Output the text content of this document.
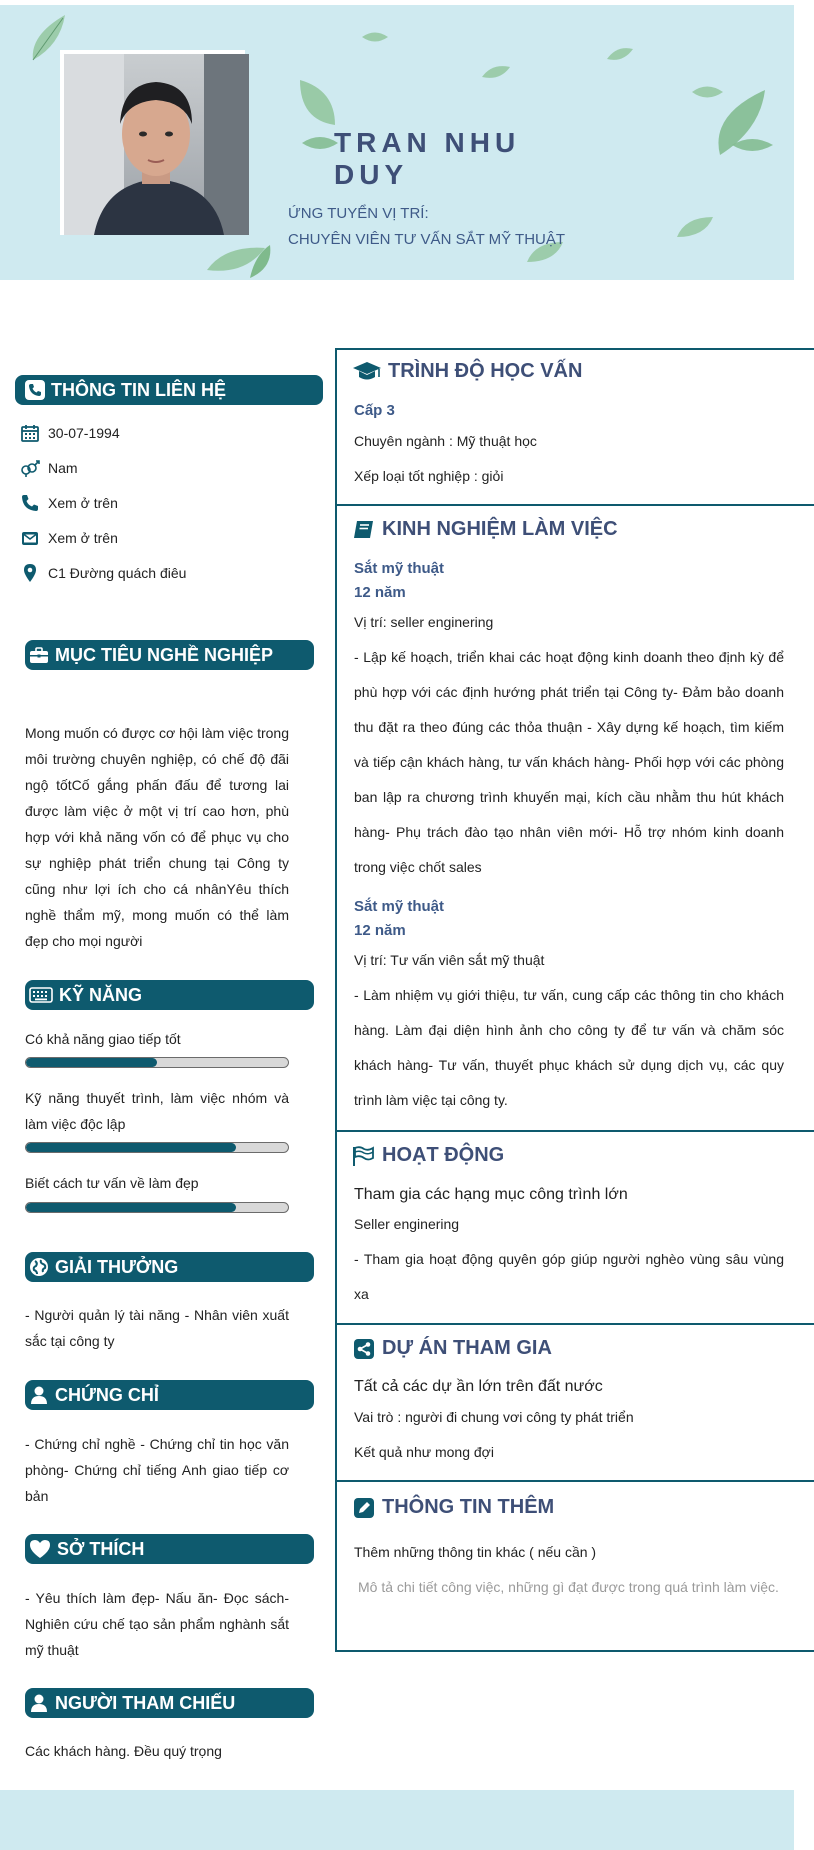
TRAN NHU DUY
ỨNG TUYỂN VỊ TRÍ:
CHUYÊN VIÊN TƯ VẤN SẮT MỸ THUẬT
THÔNG TIN LIÊN HỆ
30-07-1994
Nam
Xem ở trên
Xem ở trên
C1 Đường quách điêu
MỤC TIÊU NGHỀ NGHIỆP
Mong muốn có được cơ hội làm việc trong môi trường chuyên nghiệp, có chế độ đãi ngộ tốtCố gắng phấn đấu để tương lai được làm việc ở một vị trí cao hơn, phù hợp với khả năng vốn có để phục vụ cho sự nghiệp phát triển chung tại Công ty cũng như lợi ích cho cá nhânYêu thích nghề thẩm mỹ, mong muốn có thể làm đẹp cho mọi người
KỸ NĂNG
Có khả năng giao tiếp tốt
Kỹ năng thuyết trình, làm việc nhóm và làm việc độc lập
Biết cách tư vấn về làm đẹp
GIẢI THƯỞNG
- Người quản lý tài năng - Nhân viên xuất sắc tại công ty
CHỨNG CHỈ
- Chứng chỉ nghề - Chứng chỉ tin học văn phòng- Chứng chỉ tiếng Anh giao tiếp cơ bản
SỞ THÍCH
- Yêu thích làm đẹp- Nấu ăn- Đọc sách- Nghiên cứu chế tạo sản phẩm nghành sắt mỹ thuật
NGƯỜI THAM CHIẾU
Các khách hàng. Đều quý trọng
TRÌNH ĐỘ HỌC VẤN
Cấp 3
Chuyên ngành : Mỹ thuật học
Xếp loại tốt nghiệp : giỏi
KINH NGHIỆM LÀM VIỆC
Sắt mỹ thuật
12 năm
Vị trí: seller enginering
- Lập kế hoạch, triển khai các hoạt động kinh doanh theo định kỳ để phù hợp với các định hướng phát triển tại Công ty- Đảm bảo doanh thu đặt ra theo đúng các thỏa thuận - Xây dựng kế hoạch, tìm kiếm và tiếp cận khách hàng, tư vấn khách hàng- Phối hợp với các phòng ban lập ra chương trình khuyến mại, kích cầu nhằm thu hút khách hàng- Phụ trách đào tạo nhân viên mới- Hỗ trợ nhóm kinh doanh trong việc chốt sales
Sắt mỹ thuật
12 năm
Vị trí: Tư vấn viên sắt mỹ thuật
- Làm nhiệm vụ giới thiệu, tư vấn, cung cấp các thông tin cho khách hàng. Làm đại diện hình ảnh cho công ty để tư vấn và chăm sóc khách hàng- Tư vấn, thuyết phục khách sử dụng dịch vụ, các quy trình làm việc tại công ty.
HOẠT ĐỘNG
Tham gia các hạng mục công trình lớn
Seller enginering
- Tham gia hoạt động quyên góp giúp người nghèo vùng sâu vùng xa
DỰ ÁN THAM GIA
Tất cả các dự ần lớn trên đất nước
Vai trò : người đi chung vơi công ty phát triển
Kết quả như mong đợi
THÔNG TIN THÊM
Thêm những thông tin khác ( nếu cần )
Mô tả chi tiết công việc, những gì đạt được trong quá trình làm việc.
